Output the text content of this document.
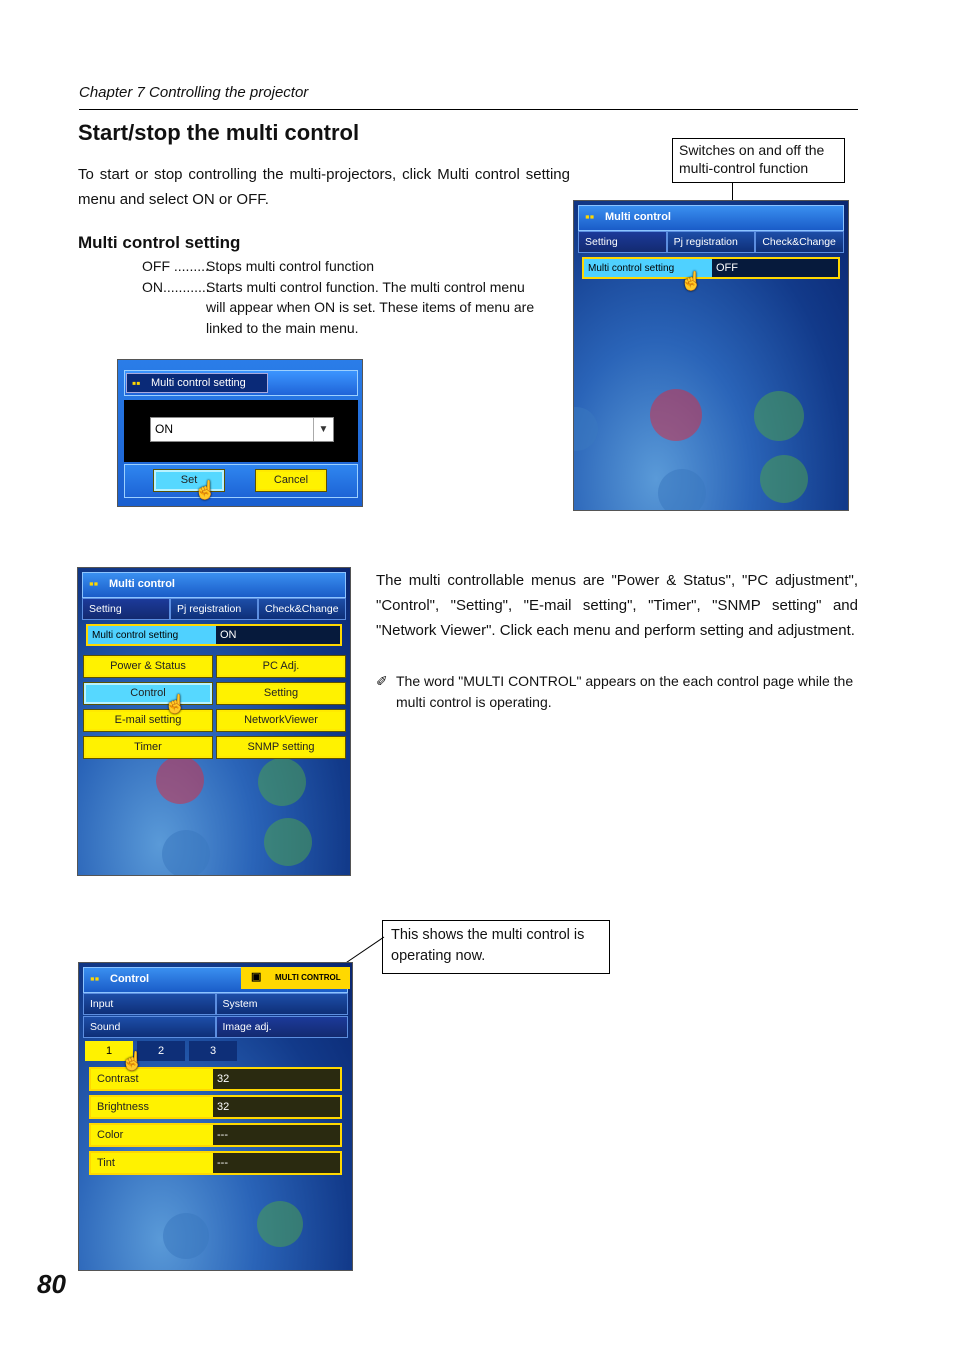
Chapter 7 Controlling the projector
Start/stop the multi control
To start or stop controlling the multi-projectors, click Multi control setting menu and select ON or OFF.
Multi control setting
OFF ..........
Stops multi control function
ON............
Starts multi control function. The multi control menu will appear when ON is set. These items of menu are linked to the main menu.
▪▪ Multi control setting
ON	▼
Set	Cancel
☝
Switches on and off the multi-control function
▪▪ Multi control
Setting	Pj registration	Check&Change
Multi control setting	OFF
☝
▪▪ Multi control
Setting	Pj registration	Check&Change
Multi control setting	ON
Power & Status	PC Adj.
Control	Setting
E-mail setting	NetworkViewer
Timer	SNMP setting
☝
The multi controllable menus are "Power & Status", "PC adjustment", "Control", "Setting", "E-mail setting", "Timer", "SNMP setting" and "Network Viewer". Click each menu and perform setting and adjustment.
✐ The word "MULTI CONTROL" appears on the each control page while the multi control is operating.
This shows the multi control is operating now.
▪▪ Control	▣ MULTI CONTROL
Input	System
Sound	Image adj.
1	2	3
Contrast	32
Brightness	32
Color	---
Tint	---
☝
80
